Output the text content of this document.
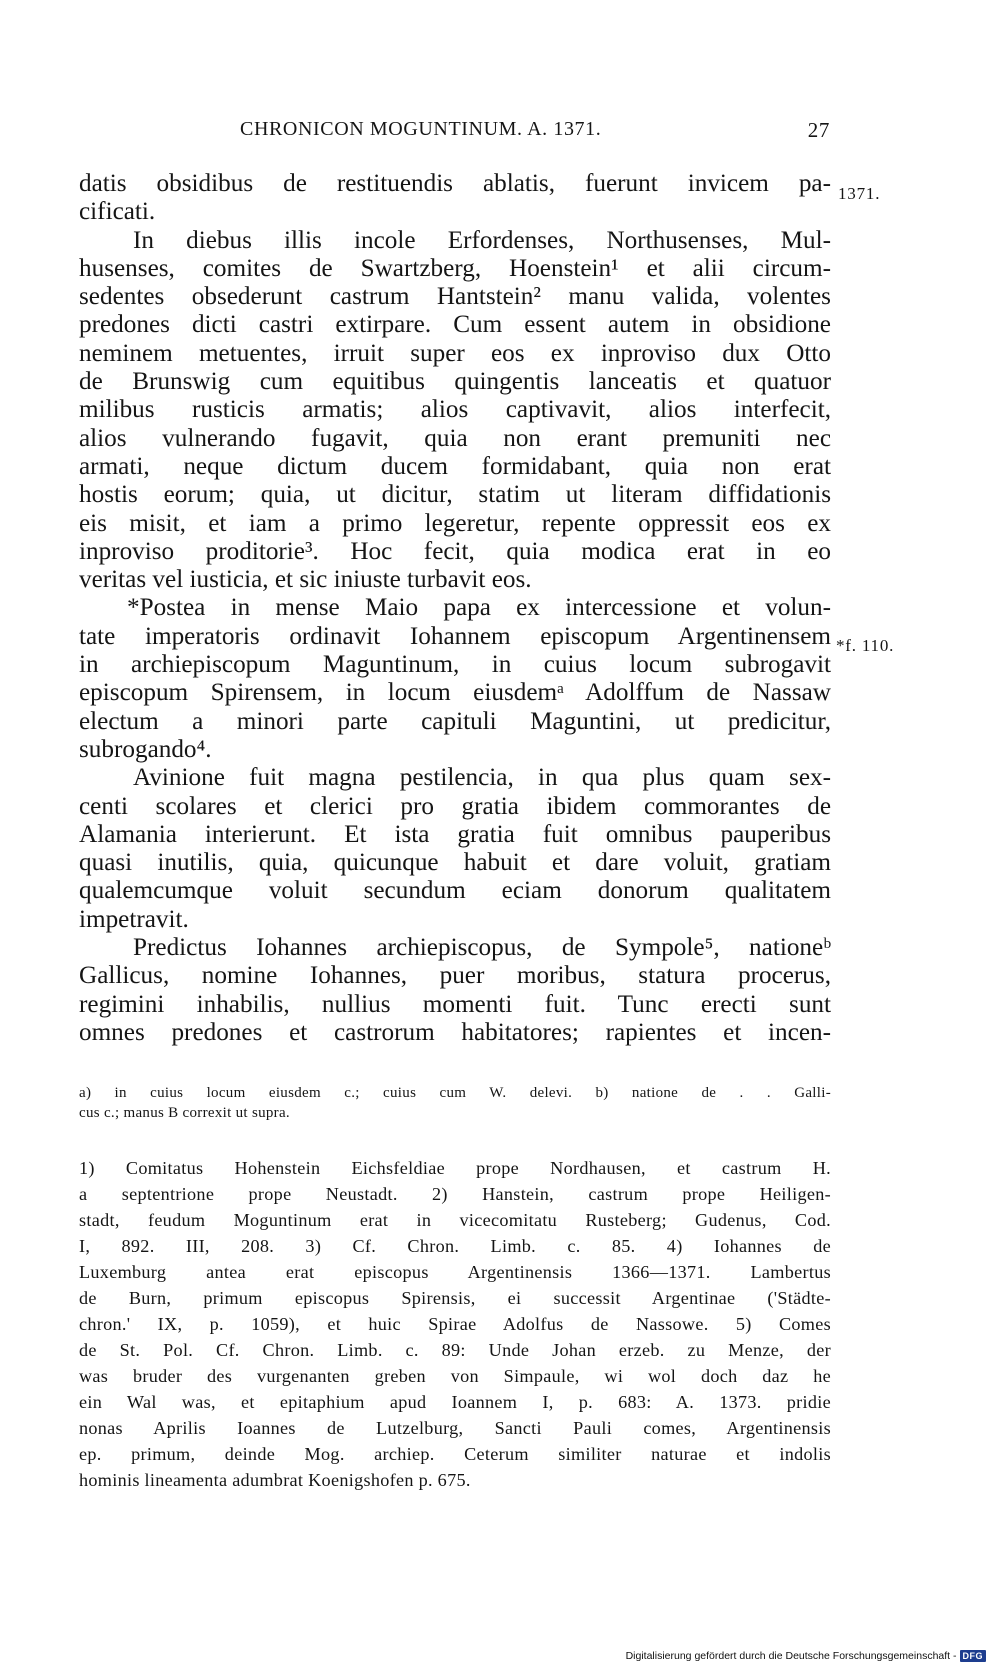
CHRONICON MOGUNTINUM. A. 1371.	27
1371.
*f. 110.
datis obsidibus de restituendis ablatis, fuerunt invicem pa-
cificati.
In diebus illis incole Erfordenses, Northusenses, Mul-
husenses, comites de Swartzberg, Hoenstein¹ et alii circum-
sedentes obsederunt castrum Hantstein² manu valida, volentes
predones dicti castri extirpare. Cum essent autem in obsidione
neminem metuentes, irruit super eos ex inproviso dux Otto
de Brunswig cum equitibus quingentis lanceatis et quatuor
milibus rusticis armatis; alios captivavit, alios interfecit,
alios vulnerando fugavit, quia non erant premuniti nec
armati, neque dictum ducem formidabant, quia non erat
hostis eorum; quia, ut dicitur, statim ut literam diffidationis
eis misit, et iam a primo legeretur, repente oppressit eos ex
inproviso proditorie³. Hoc fecit, quia modica erat in eo
veritas vel iusticia, et sic iniuste turbavit eos.
*Postea in mense Maio papa ex intercessione et volun-
tate imperatoris ordinavit Iohannem episcopum Argentinensem
in archiepiscopum Maguntinum, in cuius locum subrogavit
episcopum Spirensem, in locum eiusdemᵃ Adolffum de Nassaw
electum a minori parte capituli Maguntini, ut predicitur,
subrogando⁴.
Avinione fuit magna pestilencia, in qua plus quam sex-
centi scolares et clerici pro gratia ibidem commorantes de
Alamania interierunt. Et ista gratia fuit omnibus pauperibus
quasi inutilis, quia, quicunque habuit et dare voluit, gratiam
qualemcumque voluit secundum eciam donorum qualitatem
impetravit.
Predictus Iohannes archiepiscopus, de Sympole⁵, nationeᵇ
Gallicus, nomine Iohannes, puer moribus, statura procerus,
regimini inhabilis, nullius momenti fuit. Tunc erecti sunt
omnes predones et castrorum habitatores; rapientes et incen-
a) in cuius locum eiusdem c.; cuius cum W. delevi. b) natione de . . Galli-
cus c.; manus B correxit ut supra.
1) Comitatus Hohenstein Eichsfeldiae prope Nordhausen, et castrum H.
a septentrione prope Neustadt. 2) Hanstein, castrum prope Heiligen-
stadt, feudum Moguntinum erat in vicecomitatu Rusteberg; Gudenus, Cod.
I, 892. III, 208. 3) Cf. Chron. Limb. c. 85. 4) Iohannes de
Luxemburg antea erat episcopus Argentinensis 1366—1371. Lambertus
de Burn, primum episcopus Spirensis, ei successit Argentinae ('Städte-
chron.' IX, p. 1059), et huic Spirae Adolfus de Nassowe. 5) Comes
de St. Pol. Cf. Chron. Limb. c. 89: Unde Johan erzeb. zu Menze, der
was bruder des vurgenanten greben von Simpaule, wi wol doch daz he
ein Wal was, et epitaphium apud Ioannem I, p. 683: A. 1373. pridie
nonas Aprilis Ioannes de Lutzelburg, Sancti Pauli comes, Argentinensis
ep. primum, deinde Mog. archiep. Ceterum similiter naturae et indolis
hominis lineamenta adumbrat Koenigshofen p. 675.
Digitalisierung gefördert durch die Deutsche Forschungsgemeinschaft - DFG
